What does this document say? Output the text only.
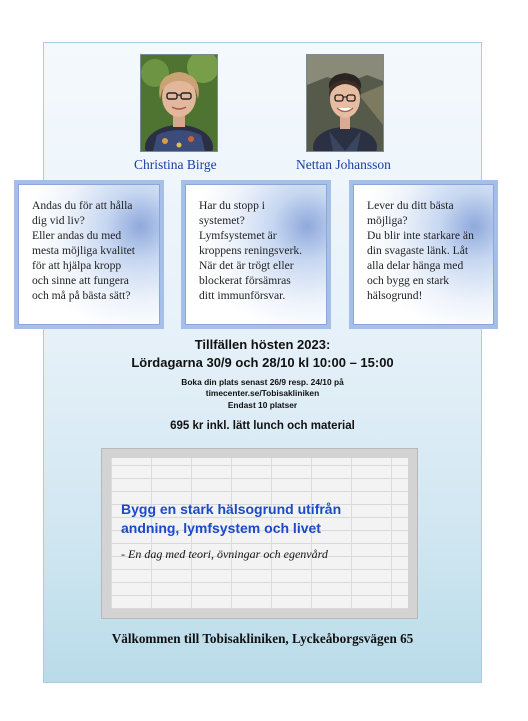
Christina Birge	Nettan Johansson
Andas du för att hålla
dig vid liv?
Eller andas du med
mesta möjliga kvalitet
för att hjälpa kropp
och sinne att fungera
och må på bästa sätt?
Har du stopp i
systemet?
Lymfsystemet är
kroppens reningsverk.
När det är trögt eller
blockerat försämras
ditt immunförsvar.
Lever du ditt bästa
möjliga?
Du blir inte starkare än
din svagaste länk. Låt
alla delar hänga med
och bygg en stark
hälsogrund!
Tillfällen hösten 2023:
Lördagarna 30/9 och 28/10 kl 10:00 – 15:00
Boka din plats senast 26/9 resp. 24/10 på
timecenter.se/Tobisakliniken
Endast 10 platser
695 kr inkl. lätt lunch och material
Bygg en stark hälsogrund utifrån
andning, lymfsystem och livet
- En dag med teori, övningar och egenvård
Välkommen till Tobisakliniken, Lyckeåborgsvägen 65
